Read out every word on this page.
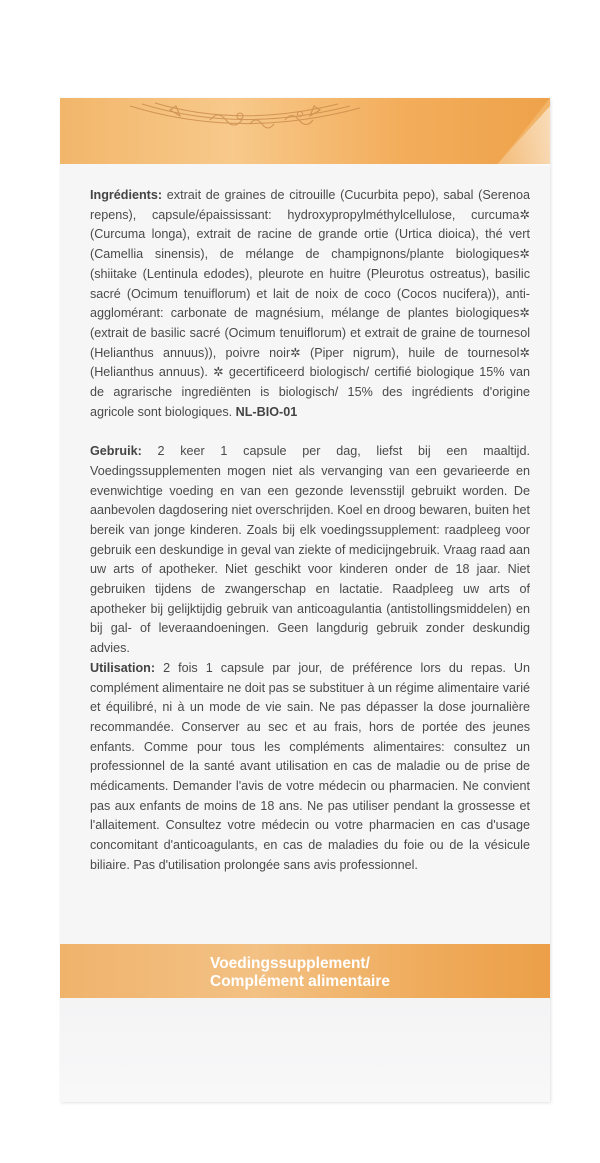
Ingrédients: extrait de graines de citrouille (Cucurbita pepo), sabal (Serenoa repens), capsule/épaississant: hydroxypropylméthylcellulose, curcuma✲ (Curcuma longa), extrait de racine de grande ortie (Urtica dioica), thé vert (Camellia sinensis), de mélange de champignons/plante biologiques✲ (shiitake (Lentinula edodes), pleurote en huitre (Pleurotus ostreatus), basilic sacré (Ocimum tenuiflorum) et lait de noix de coco (Cocos nucifera)), anti-agglomérant: carbonate de magnésium, mélange de plantes biologiques✲ (extrait de basilic sacré (Ocimum tenuiflorum) et extrait de graine de tournesol (Helianthus annuus)), poivre noir✲ (Piper nigrum), huile de tournesol✲ (Helianthus annuus). ✲ gecertificeerd biologisch/ certifié biologique 15% van de agrarische ingrediënten is biologisch/ 15% des ingrédients d'origine agricole sont biologiques. NL-BIO-01

Gebruik: 2 keer 1 capsule per dag, liefst bij een maaltijd. Voedingssupplementen mogen niet als vervanging van een gevarieerde en evenwichtige voeding en van een gezonde levensstijl gebruikt worden. De aanbevolen dagdosering niet overschrijden. Koel en droog bewaren, buiten het bereik van jonge kinderen. Zoals bij elk voedingssupplement: raadpleeg voor gebruik een deskundige in geval van ziekte of medicijngebruik. Vraag raad aan uw arts of apotheker. Niet geschikt voor kinderen onder de 18 jaar. Niet gebruiken tijdens de zwangerschap en lactatie. Raadpleeg uw arts of apotheker bij gelijktijdig gebruik van anticoagulantia (antistollingsmiddelen) en bij gal- of leveraandoeningen. Geen langdurig gebruik zonder deskundig advies.

Utilisation: 2 fois 1 capsule par jour, de préférence lors du repas. Un complément alimentaire ne doit pas se substituer à un régime alimentaire varié et équilibré, ni à un mode de vie sain. Ne pas dépasser la dose journalière recommandée. Conserver au sec et au frais, hors de portée des jeunes enfants. Comme pour tous les compléments alimentaires: consultez un professionnel de la santé avant utilisation en cas de maladie ou de prise de médicaments. Demander l'avis de votre médecin ou pharmacien. Ne convient pas aux enfants de moins de 18 ans. Ne pas utiliser pendant la grossesse et l'allaitement. Consultez votre médecin ou votre pharmacien en cas d'usage concomitant d'anticoagulants, en cas de maladies du foie ou de la vésicule biliaire. Pas d'utilisation prolongée sans avis professionnel.

Voedingssupplement/
Complément alimentaire
